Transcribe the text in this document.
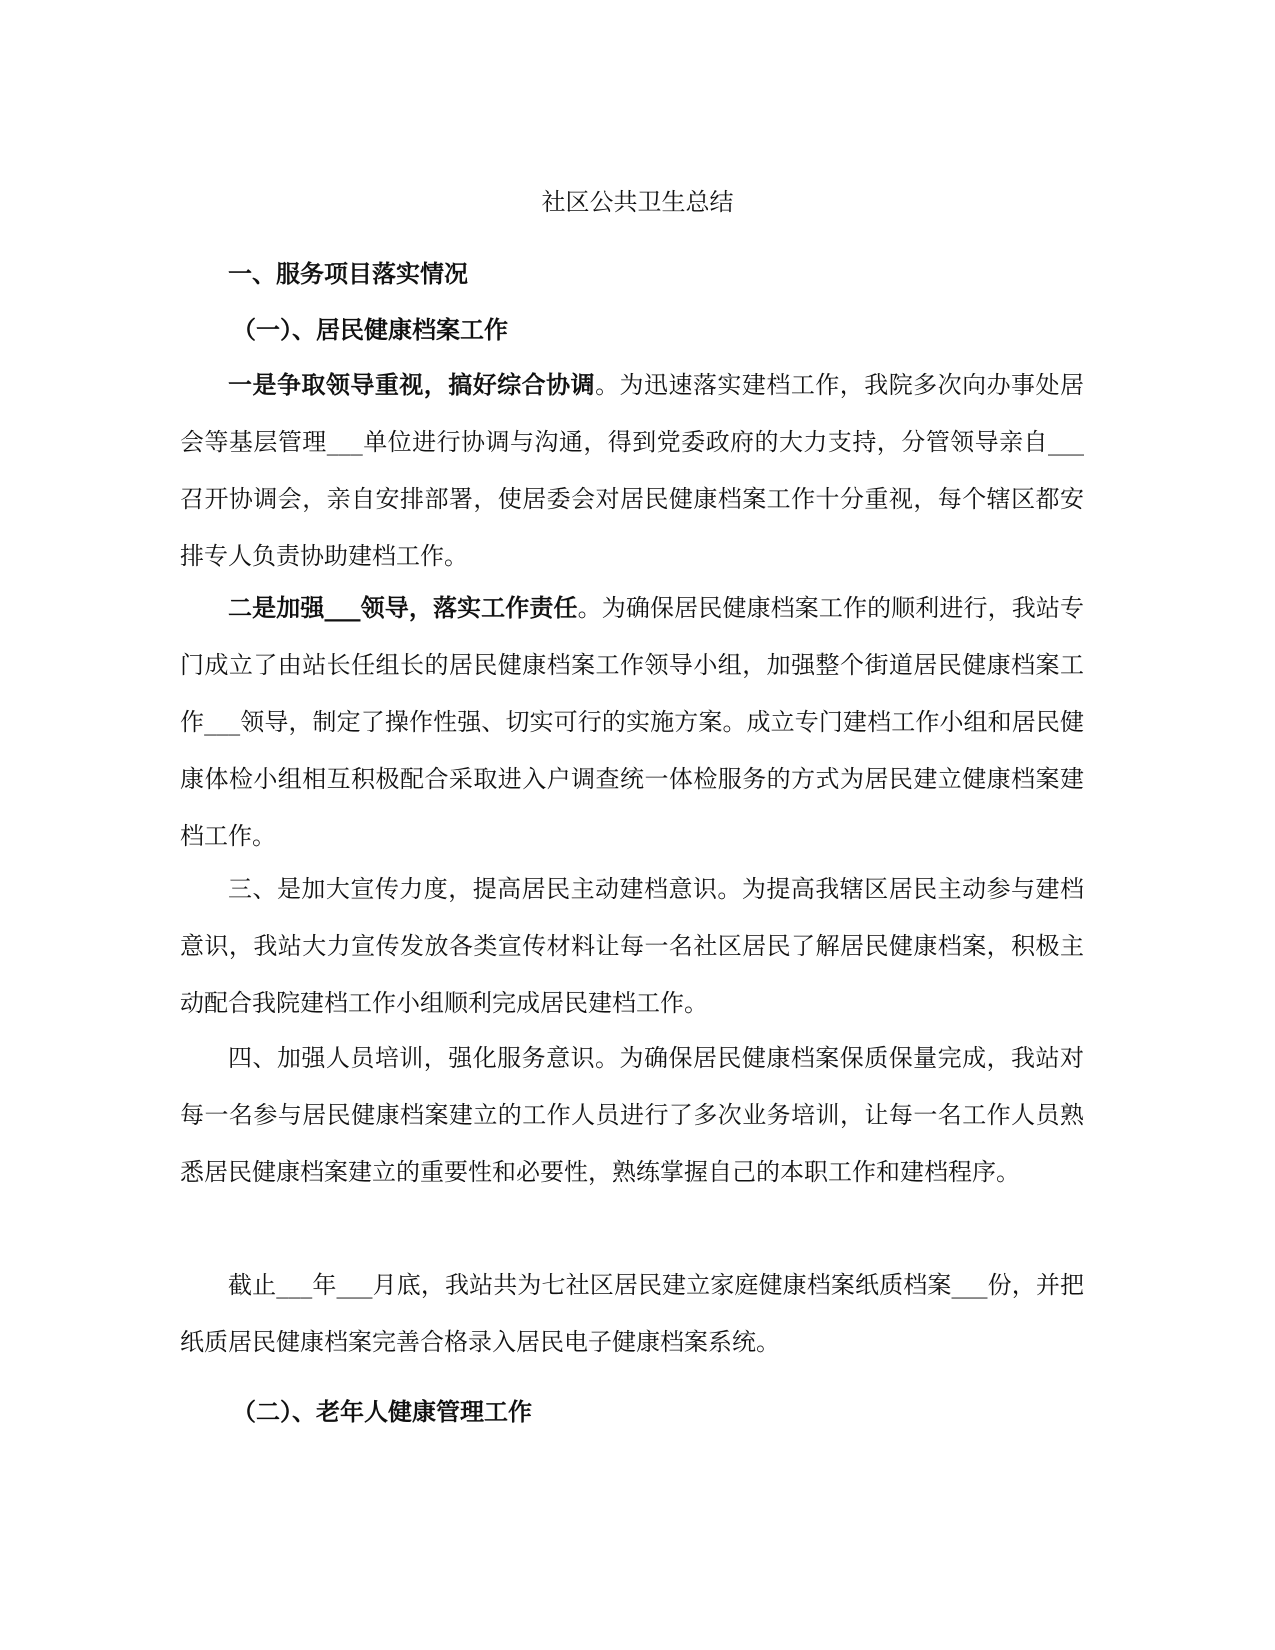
社区公共卫生总结
一、服务项目落实情况
（一）、居民健康档案工作

一是争取领导重视，搞好综合协调。为迅速落实建档工作，我院多次向办事处居会等基层管理___单位进行协调与沟通，得到党委政府的大力支持，分管领导亲自___召开协调会，亲自安排部署，使居委会对居民健康档案工作十分重视，每个辖区都安排专人负责协助建档工作。

二是加强___领导，落实工作责任。为确保居民健康档案工作的顺利进行，我站专门成立了由站长任组长的居民健康档案工作领导小组，加强整个街道居民健康档案工作___领导，制定了操作性强、切实可行的实施方案。成立专门建档工作小组和居民健康体检小组相互积极配合采取进入户调查统一体检服务的方式为居民建立健康档案建档工作。

三、是加大宣传力度，提高居民主动建档意识。为提高我辖区居民主动参与建档意识，我站大力宣传发放各类宣传材料让每一名社区居民了解居民健康档案，积极主动配合我院建档工作小组顺利完成居民建档工作。

四、加强人员培训，强化服务意识。为确保居民健康档案保质保量完成，我站对每一名参与居民健康档案建立的工作人员进行了多次业务培训，让每一名工作人员熟悉居民健康档案建立的重要性和必要性，熟练掌握自己的本职工作和建档程序。

截止___年___月底，我站共为七社区居民建立家庭健康档案纸质档案___份，并把纸质居民健康档案完善合格录入居民电子健康档案系统。

（二）、老年人健康管理工作
